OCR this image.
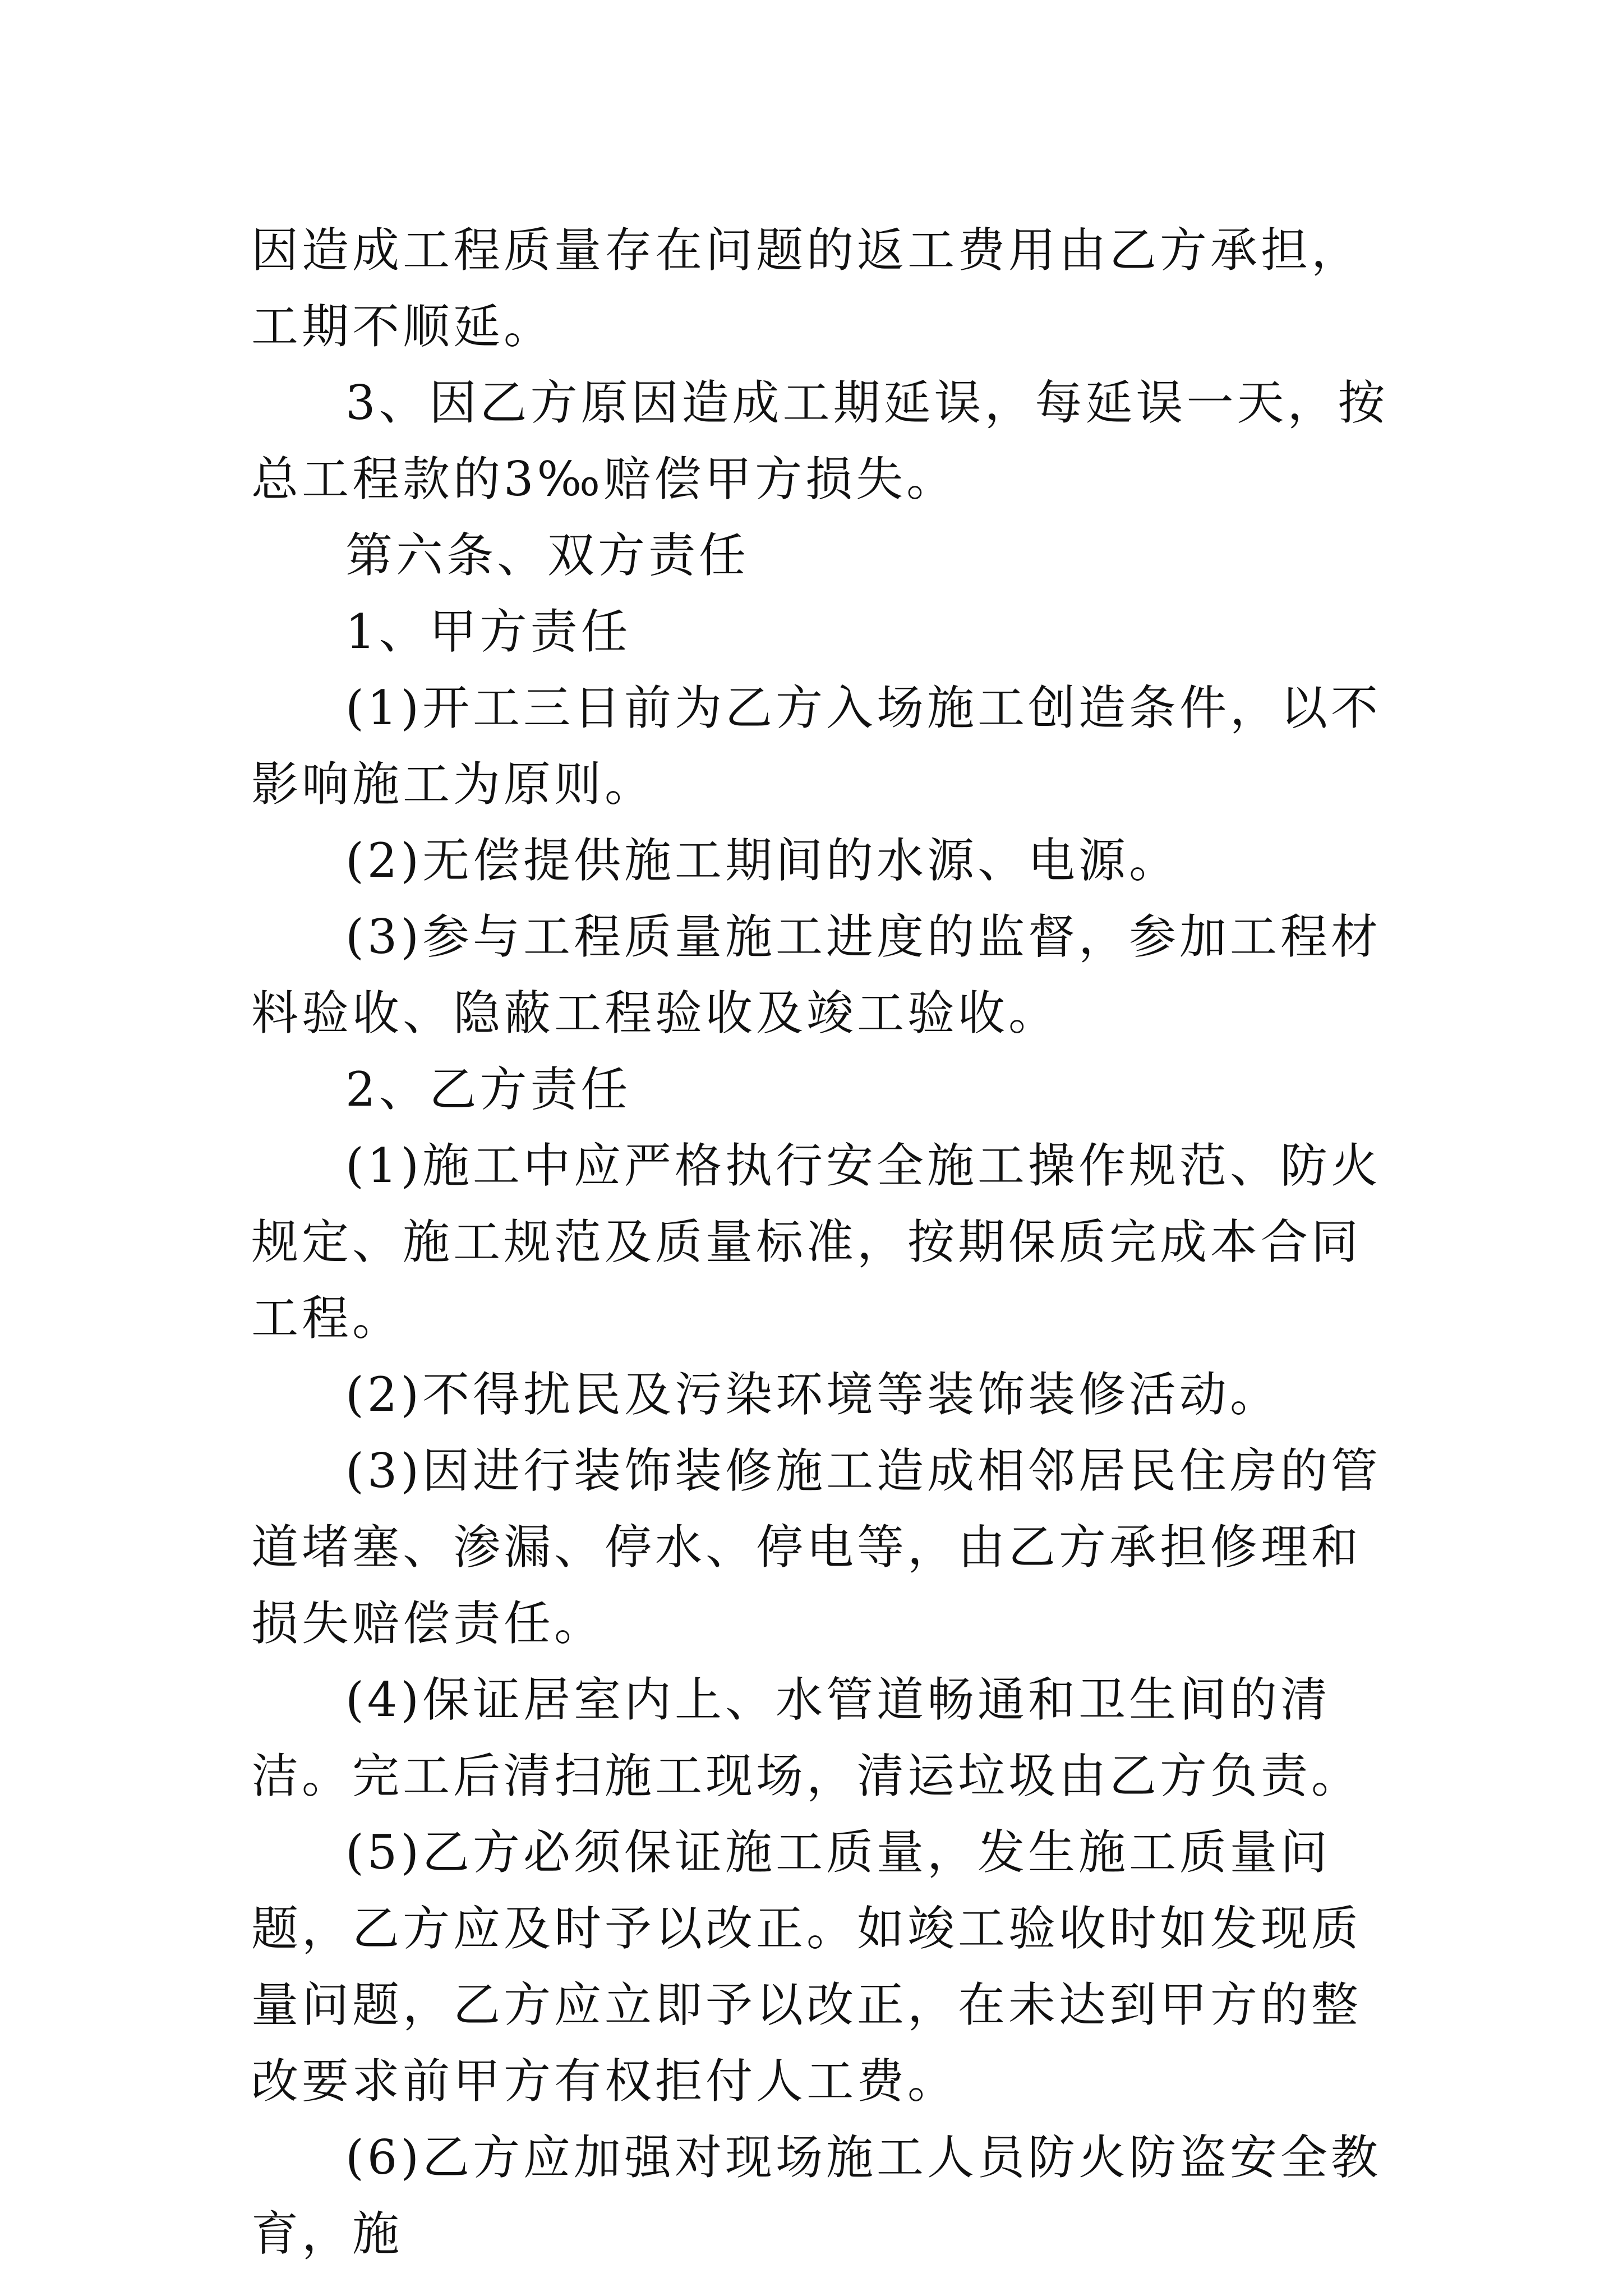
因造成工程质量存在问题的返工费用由乙方承担，工期不顺延。

3、因乙方原因造成工期延误，每延误一天，按总工程款的3‰赔偿甲方损失。

第六条、双方责任

1、甲方责任

(1)开工三日前为乙方入场施工创造条件，以不影响施工为原则。

(2)无偿提供施工期间的水源、电源。

(3)参与工程质量施工进度的监督，参加工程材料验收、隐蔽工程验收及竣工验收。

2、乙方责任

(1)施工中应严格执行安全施工操作规范、防火规定、施工规范及质量标准，按期保质完成本合同工程。

(2)不得扰民及污染环境等装饰装修活动。

(3)因进行装饰装修施工造成相邻居民住房的管道堵塞、渗漏、停水、停电等，由乙方承担修理和损失赔偿责任。

(4)保证居室内上、水管道畅通和卫生间的清洁。完工后清扫施工现场，清运垃圾由乙方负责。

(5)乙方必须保证施工质量，发生施工质量问题，乙方应及时予以改正。如竣工验收时如发现质量问题，乙方应立即予以改正，在未达到甲方的整改要求前甲方有权拒付人工费。

(6)乙方应加强对现场施工人员防火防盗安全教育，施
